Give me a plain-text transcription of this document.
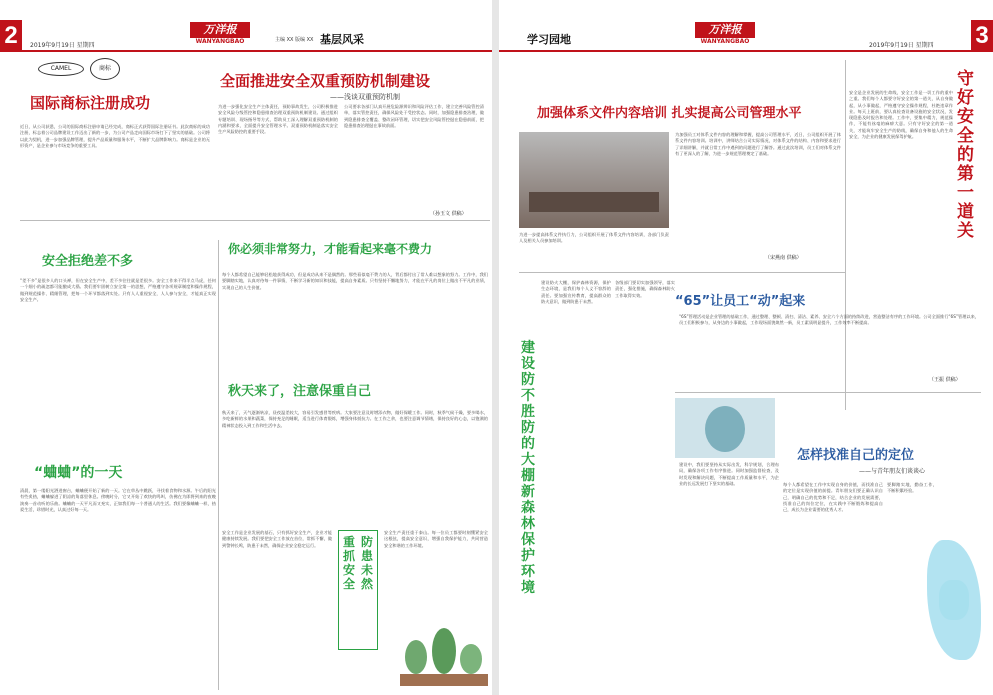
2	2019年9月19日 星期四
万洋报
WANYANGBAO	主编 XX 版编 XX 基层风采
CAMEL	商标
国际商标注册成功
近日，从公司获悉，公司的国际商标注册申请已经完成，商标正式获得国际注册证书。此次商标的成功注册，标志着公司品牌建设工作迈出了新的一步，为公司产品走向国际市场打下了坚实的基础。公司将以此为契机，进一步加强品牌管理，提升产品质量和服务水平，不断扩大品牌影响力。商标是企业的无形资产，是企业参与市场竞争的重要工具。
全面推进安全双重预防机制建设
——浅谈双重预防机制
为进一步强化安全生产主体责任，预防事故发生，公司积极推进安全风险分级管控和隐患排查治理双重预防机制建设。通过组织专题培训、现场指导等方式，帮助员工深入理解双重预防机制的内涵和要求，全面提升安全管理水平。双重预防机制是落实安全生产风险防控的重要手段。
公司要求各部门认真开展危险源辨识和风险评估工作，建立完善风险管控清单，落实管控责任，确保风险处于受控状态。同时，加强隐患排查治理，做到隐患排查全覆盖、整改闭环管理，切实把安全风险管控挺在隐患前面，把隐患排查治理挺在事故前面。
（孙玉文 供稿）
安全拒绝差不多
“差不多”是很多人的口头禅，但在安全生产中，差不多往往就是差很多。安全工作来不得半点马虎，任何一个细小的疏忽都可能酿成大祸。我们要牢固树立安全第一的思想，严格遵守各项规章制度和操作规程，做到规范操作、精细管理，把每一个环节都落到实处。只有人人重视安全，人人参与安全，才能真正实现安全生产。
你必须非常努力，才能看起来毫不费力
每个人都希望自己能够轻松地获得成功，但是成功从来不是偶然的。那些看似毫不费力的人，背后都付出了常人难以想象的努力。工作中，我们要脚踏实地，认真对待每一件事情，不断学习新的知识和技能，提高自身素质。只有坚持不懈地努力，才能在平凡的岗位上做出不平凡的业绩，实现自己的人生价值。
“蛐蛐”的一天
清晨，第一缕阳光洒进窗台，蛐蛐便开始了新的一天。它在草丛中跳跃，寻找着食物和水源。午后的阳光有些炙热，蛐蛐躲进了阴凉的角落里休息。傍晚时分，它又开始了欢快的鸣叫，仿佛在为即将到来的夜晚演奏一首动听的乐曲。蛐蛐的一天平凡而又充实，正如我们每一个普通人的生活。我们要像蛐蛐一样，热爱生活，珍惜时光，认真过好每一天。
秋天来了，注意保重自己
秋天来了，天气逐渐转凉，昼夜温差较大，容易引发感冒等疾病。大家要注意及时增添衣物，做好保暖工作。同时，秋季气候干燥，要多喝水，多吃新鲜的水果和蔬菜，保持充足的睡眠，适当进行体育锻炼，增强身体抵抗力。在工作之余，也要注意调节情绪，保持良好的心态，以饱满的精神状态投入到工作和生活中去。
安全工作是企业发展的基石，只有抓好安全生产，企业才能健康持续发展。我们要把安全工作放在首位，常抓不懈，做到警钟长鸣，防患于未然，确保企业安全稳定运行。	重抓安全
防患未然
安全生产责任重于泰山。每一位员工都要时刻绷紧安全这根弦，提高安全意识，增强自我保护能力，共同营造安全和谐的工作环境。
学习园地
万洋报
WANYANGBAO
2019年9月19日 星期四 3
加强体系文件内容培训 扎实提高公司管理水平
为进一步提高体系文件执行力，公司组织开展了体系文件内容培训，各部门负责人及相关人员参加培训。
为加强员工对体系文件内容的理解和掌握，提高公司管理水平，近日，公司组织开展了体系文件内容培训。培训中，讲师结合公司实际情况，对体系文件的结构、内容和要求进行了详细讲解，并就日常工作中遇到的问题进行了解答。通过此次培训，员工们对体系文件有了更深入的了解，为进一步规范管理奠定了基础。
（宋燕南 供稿）
守好安全的第一道关
安全是企业发展的生命线，安全工作是一切工作的重中之重。我们每个人都要守好安全的第一道关，从自身做起，从小事做起，严格遵守安全操作规程，杜绝违章作业。每天上班前，要认真检查设备设施的安全状况，发现隐患及时报告和处理。工作中，要集中精力，规范操作，不能有丝毫的麻痹大意。只有守好安全的第一道关，才能筑牢安全生产的防线，确保自身和他人的生命安全，为企业的健康发展保驾护航。
建设防不胜防的大棚新森林保护环境
建设防火大棚，保护森林资源，保护生态环境，是我们每个人义不容辞的责任。要加强宣传教育，提高群众的防火意识，做到防患于未然。
各级部门要切实加强领导，落实责任，强化措施，确保森林防火工作取得实效。	“65”让员工“动”起来
“6S”管理活动是企业管理的基础工作，通过整理、整顿、清扫、清洁、素养、安全六个方面的持续改进，营造整洁有序的工作环境。公司全面推行“6S”管理以来，员工们积极参与，从身边的小事做起，工作现场面貌焕然一新，员工素质明显提升，工作效率不断提高。
（王振 供稿）
建设中，我们要坚持从实际出发，科学规划，合理布局，确保各项工作有序推进。同时加强监督检查，及时发现和解决问题，不断提高工作质量和水平，为企业的长远发展打下坚实的基础。
怎样找准自己的定位
——与青年朋友们谈谈心
每个人都希望在工作中实现自身的价值，而找准自己的定位是实现价值的前提。青年朋友们要正确认识自己，明确自己的优势和不足，结合企业的发展需要，找准自己的岗位定位，在实践中不断锻炼和提高自己，成长为企业需要的优秀人才。
要脚踏实地，勤奋工作，不断积累经验。
